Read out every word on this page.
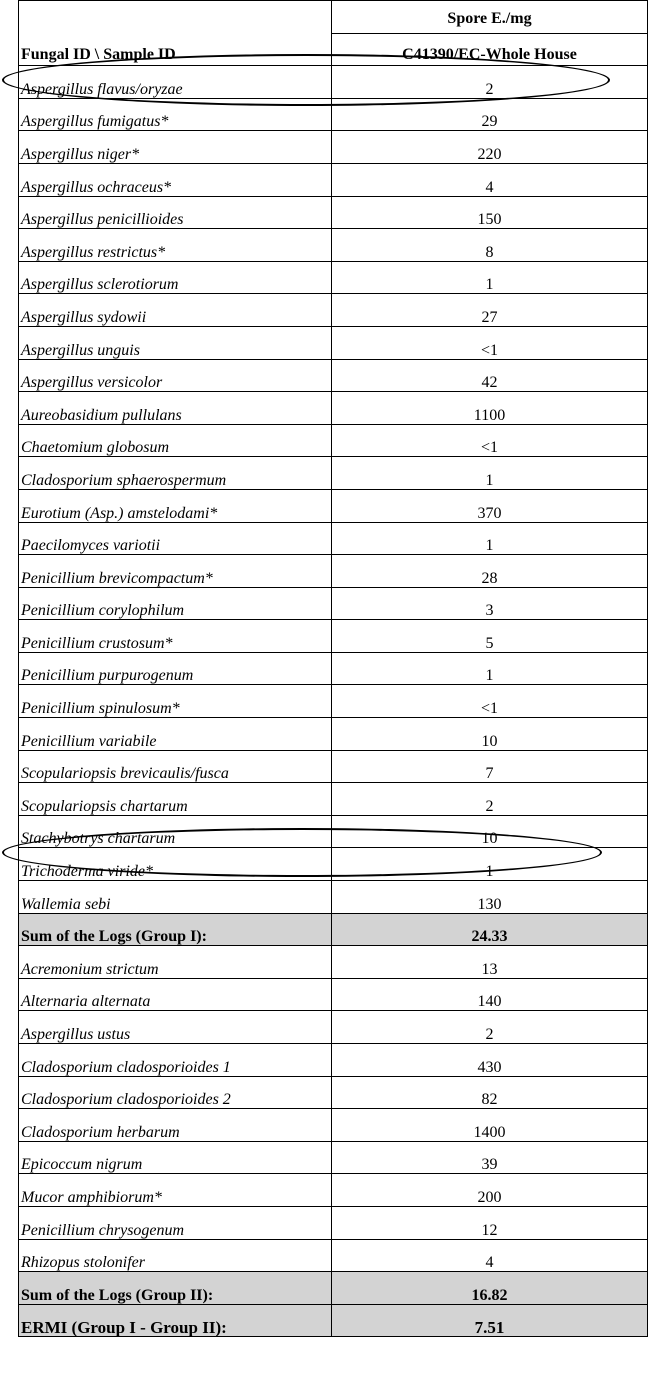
	Spore E./mg
Fungal ID \ Sample ID	C41390/EC-Whole House
Aspergillus flavus/oryzae	2
Aspergillus fumigatus*	29
Aspergillus niger*	220
Aspergillus ochraceus*	4
Aspergillus penicillioides	150
Aspergillus restrictus*	8
Aspergillus sclerotiorum	1
Aspergillus sydowii	27
Aspergillus unguis	<1
Aspergillus versicolor	42
Aureobasidium pullulans	1100
Chaetomium globosum	<1
Cladosporium sphaerospermum	1
Eurotium (Asp.) amstelodami*	370
Paecilomyces variotii	1
Penicillium brevicompactum*	28
Penicillium corylophilum	3
Penicillium crustosum*	5
Penicillium purpurogenum	1
Penicillium spinulosum*	<1
Penicillium variabile	10
Scopulariopsis brevicaulis/fusca	7
Scopulariopsis chartarum	2
Stachybotrys chartarum	10
Trichoderma viride*	1
Wallemia sebi	130
Sum of the Logs (Group I):	24.33
Acremonium strictum	13
Alternaria alternata	140
Aspergillus ustus	2
Cladosporium cladosporioides 1	430
Cladosporium cladosporioides 2	82
Cladosporium herbarum	1400
Epicoccum nigrum	39
Mucor amphibiorum*	200
Penicillium chrysogenum	12
Rhizopus stolonifer	4
Sum of the Logs (Group II):	16.82
ERMI (Group I - Group II):	7.51
